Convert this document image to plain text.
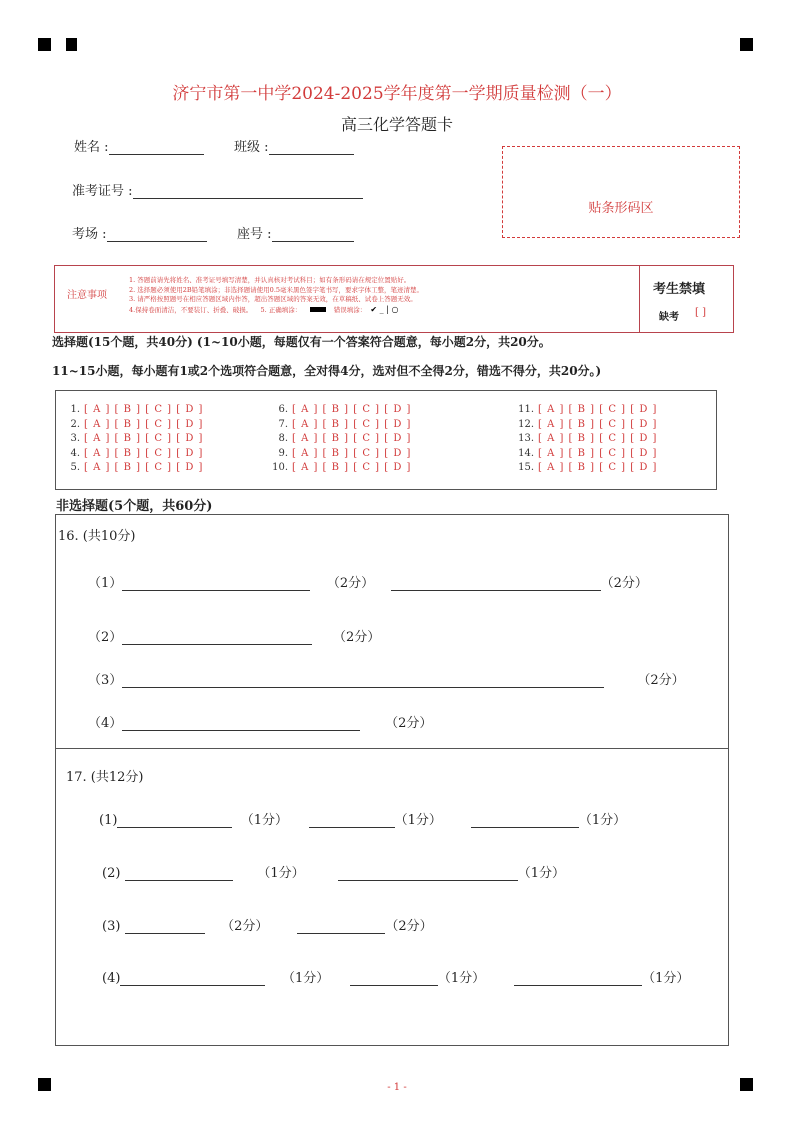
济宁市第一中学2024-2025学年度第一学期质量检测（一）
高三化学答题卡
姓名 :	班级 :
准考证号 :
考场 :	座号 :
贴条形码区
注意事项
1. 答题前请先将姓名、准考证号填写清楚，并认真核对考试科目；如有条形码请在规定位置贴好。
2. 选择题必须使用2B铅笔填涂；非选择题请使用0.5毫米黑色签字笔书写，要求字体工整，笔迹清楚。
3. 请严格按照题号在相应答题区域内作答，超出答题区域的答案无效，在草稿纸、试卷上答题无效。
4.保持卷面清洁，不要装订、折叠、破损。 5. 正确填涂：	错误填涂： ✔ _ | ○
考生禁填
缺考 [ ]
选择题(15个题，共40分) (1~10小题，每题仅有一个答案符合题意，每小题2分，共20分。
11~15小题，每小题有1或2个选项符合题意，全对得4分，选对但不全得2分，错选不得分，共20分。)
1. [ A ] [ B ] [ C ] [ D ]
2. [ A ] [ B ] [ C ] [ D ]
3. [ A ] [ B ] [ C ] [ D ]
4. [ A ] [ B ] [ C ] [ D ]
5. [ A ] [ B ] [ C ] [ D ]
6. [ A ] [ B ] [ C ] [ D ]
7. [ A ] [ B ] [ C ] [ D ]
8. [ A ] [ B ] [ C ] [ D ]
9. [ A ] [ B ] [ C ] [ D ]
10. [ A ] [ B ] [ C ] [ D ]
11. [ A ] [ B ] [ C ] [ D ]
12. [ A ] [ B ] [ C ] [ D ]
13. [ A ] [ B ] [ C ] [ D ]
14. [ A ] [ B ] [ C ] [ D ]
15. [ A ] [ B ] [ C ] [ D ]
非选择题(5个题，共60分)
16. (共10分)
（1）	（2分）	（2分）
（2）	（2分）
（3）	（2分）
（4）	（2分）
17. (共12分)
(1)	（1分）	（1分）	（1分）
(2)	（1分）	（1分）
(3)	（2分）	（2分）
(4)	（1分）	（1分）	（1分）
- 1 -
